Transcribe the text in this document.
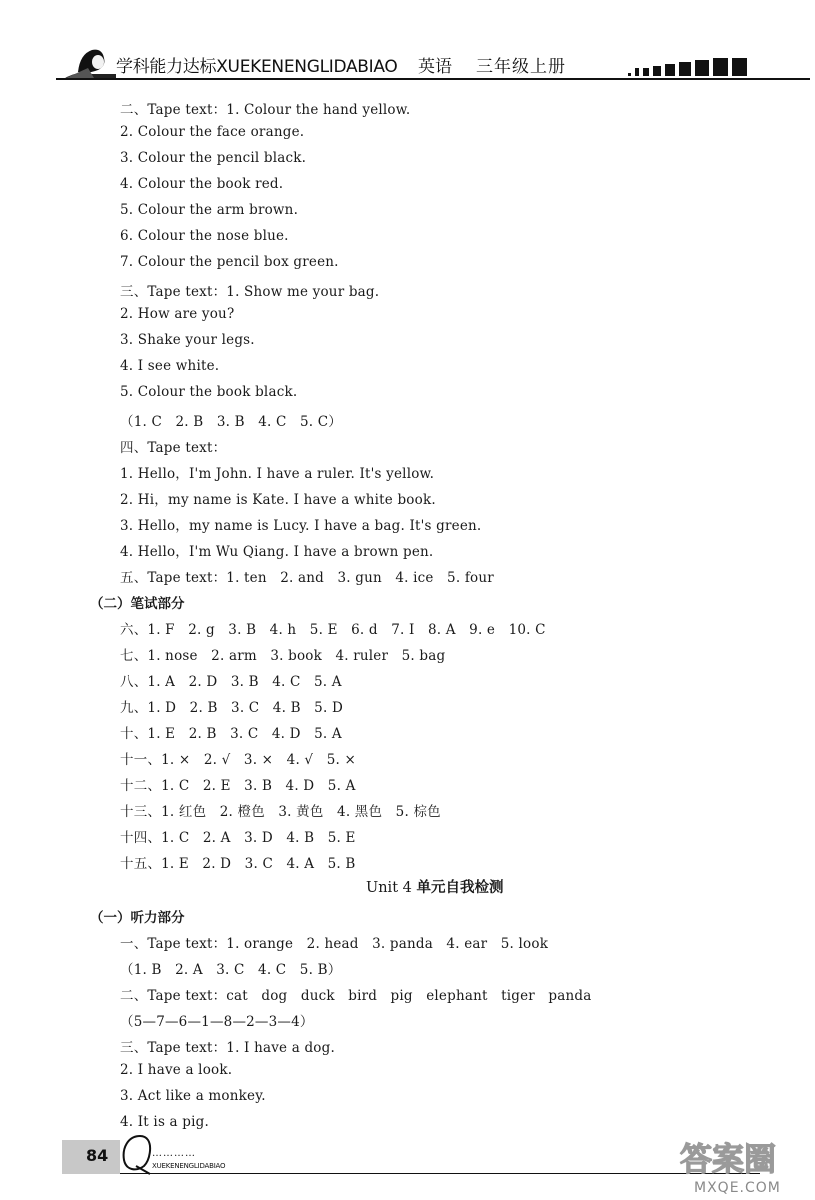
学科能力达标XUEKENENGLIDABIAO 英语 三年级上册
二、Tape text：1. Colour the hand yellow.
2. Colour the face orange.
3. Colour the pencil black.
4. Colour the book red.
5. Colour the arm brown.
6. Colour the nose blue.
7. Colour the pencil box green.
三、Tape text：1. Show me your bag.
2. How are you?
3. Shake your legs.
4. I see white.
5. Colour the book black.
（1. C   2. B   3. B   4. C   5. C）
四、Tape text：
1. Hello，I'm John. I have a ruler. It's yellow.
2. Hi，my name is Kate. I have a white book.
3. Hello，my name is Lucy. I have a bag. It's green.
4. Hello，I'm Wu Qiang. I have a brown pen.
五、Tape text：1. ten   2. and   3. gun   4. ice   5. four
（二）笔试部分
六、1. F   2. g   3. B   4. h   5. E   6. d   7. I   8. A   9. e   10. C
七、1. nose   2. arm   3. book   4. ruler   5. bag
八、1. A   2. D   3. B   4. C   5. A
九、1. D   2. B   3. C   4. B   5. D
十、1. E   2. B   3. C   4. D   5. A
十一、1. ×   2. √   3. ×   4. √   5. ×
十二、1. C   2. E   3. B   4. D   5. A
十三、1. 红色   2. 橙色   3. 黄色   4. 黑色   5. 棕色
十四、1. C   2. A   3. D   4. B   5. E
十五、1. E   2. D   3. C   4. A   5. B
Unit 4 单元自我检测
（一）听力部分
一、Tape text：1. orange   2. head   3. panda   4. ear   5. look
（1. B   2. A   3. C   4. C   5. B）
二、Tape text：cat   dog   duck   bird   pig   elephant   tiger   panda
（5—7—6—1—8—2—3—4）
三、Tape text：1. I have a dog.
2. I have a look.
3. Act like a monkey.
4. It is a pig.
84	…………
XUEKENENGLIDABIAO	答案圈
MXQE.COM
